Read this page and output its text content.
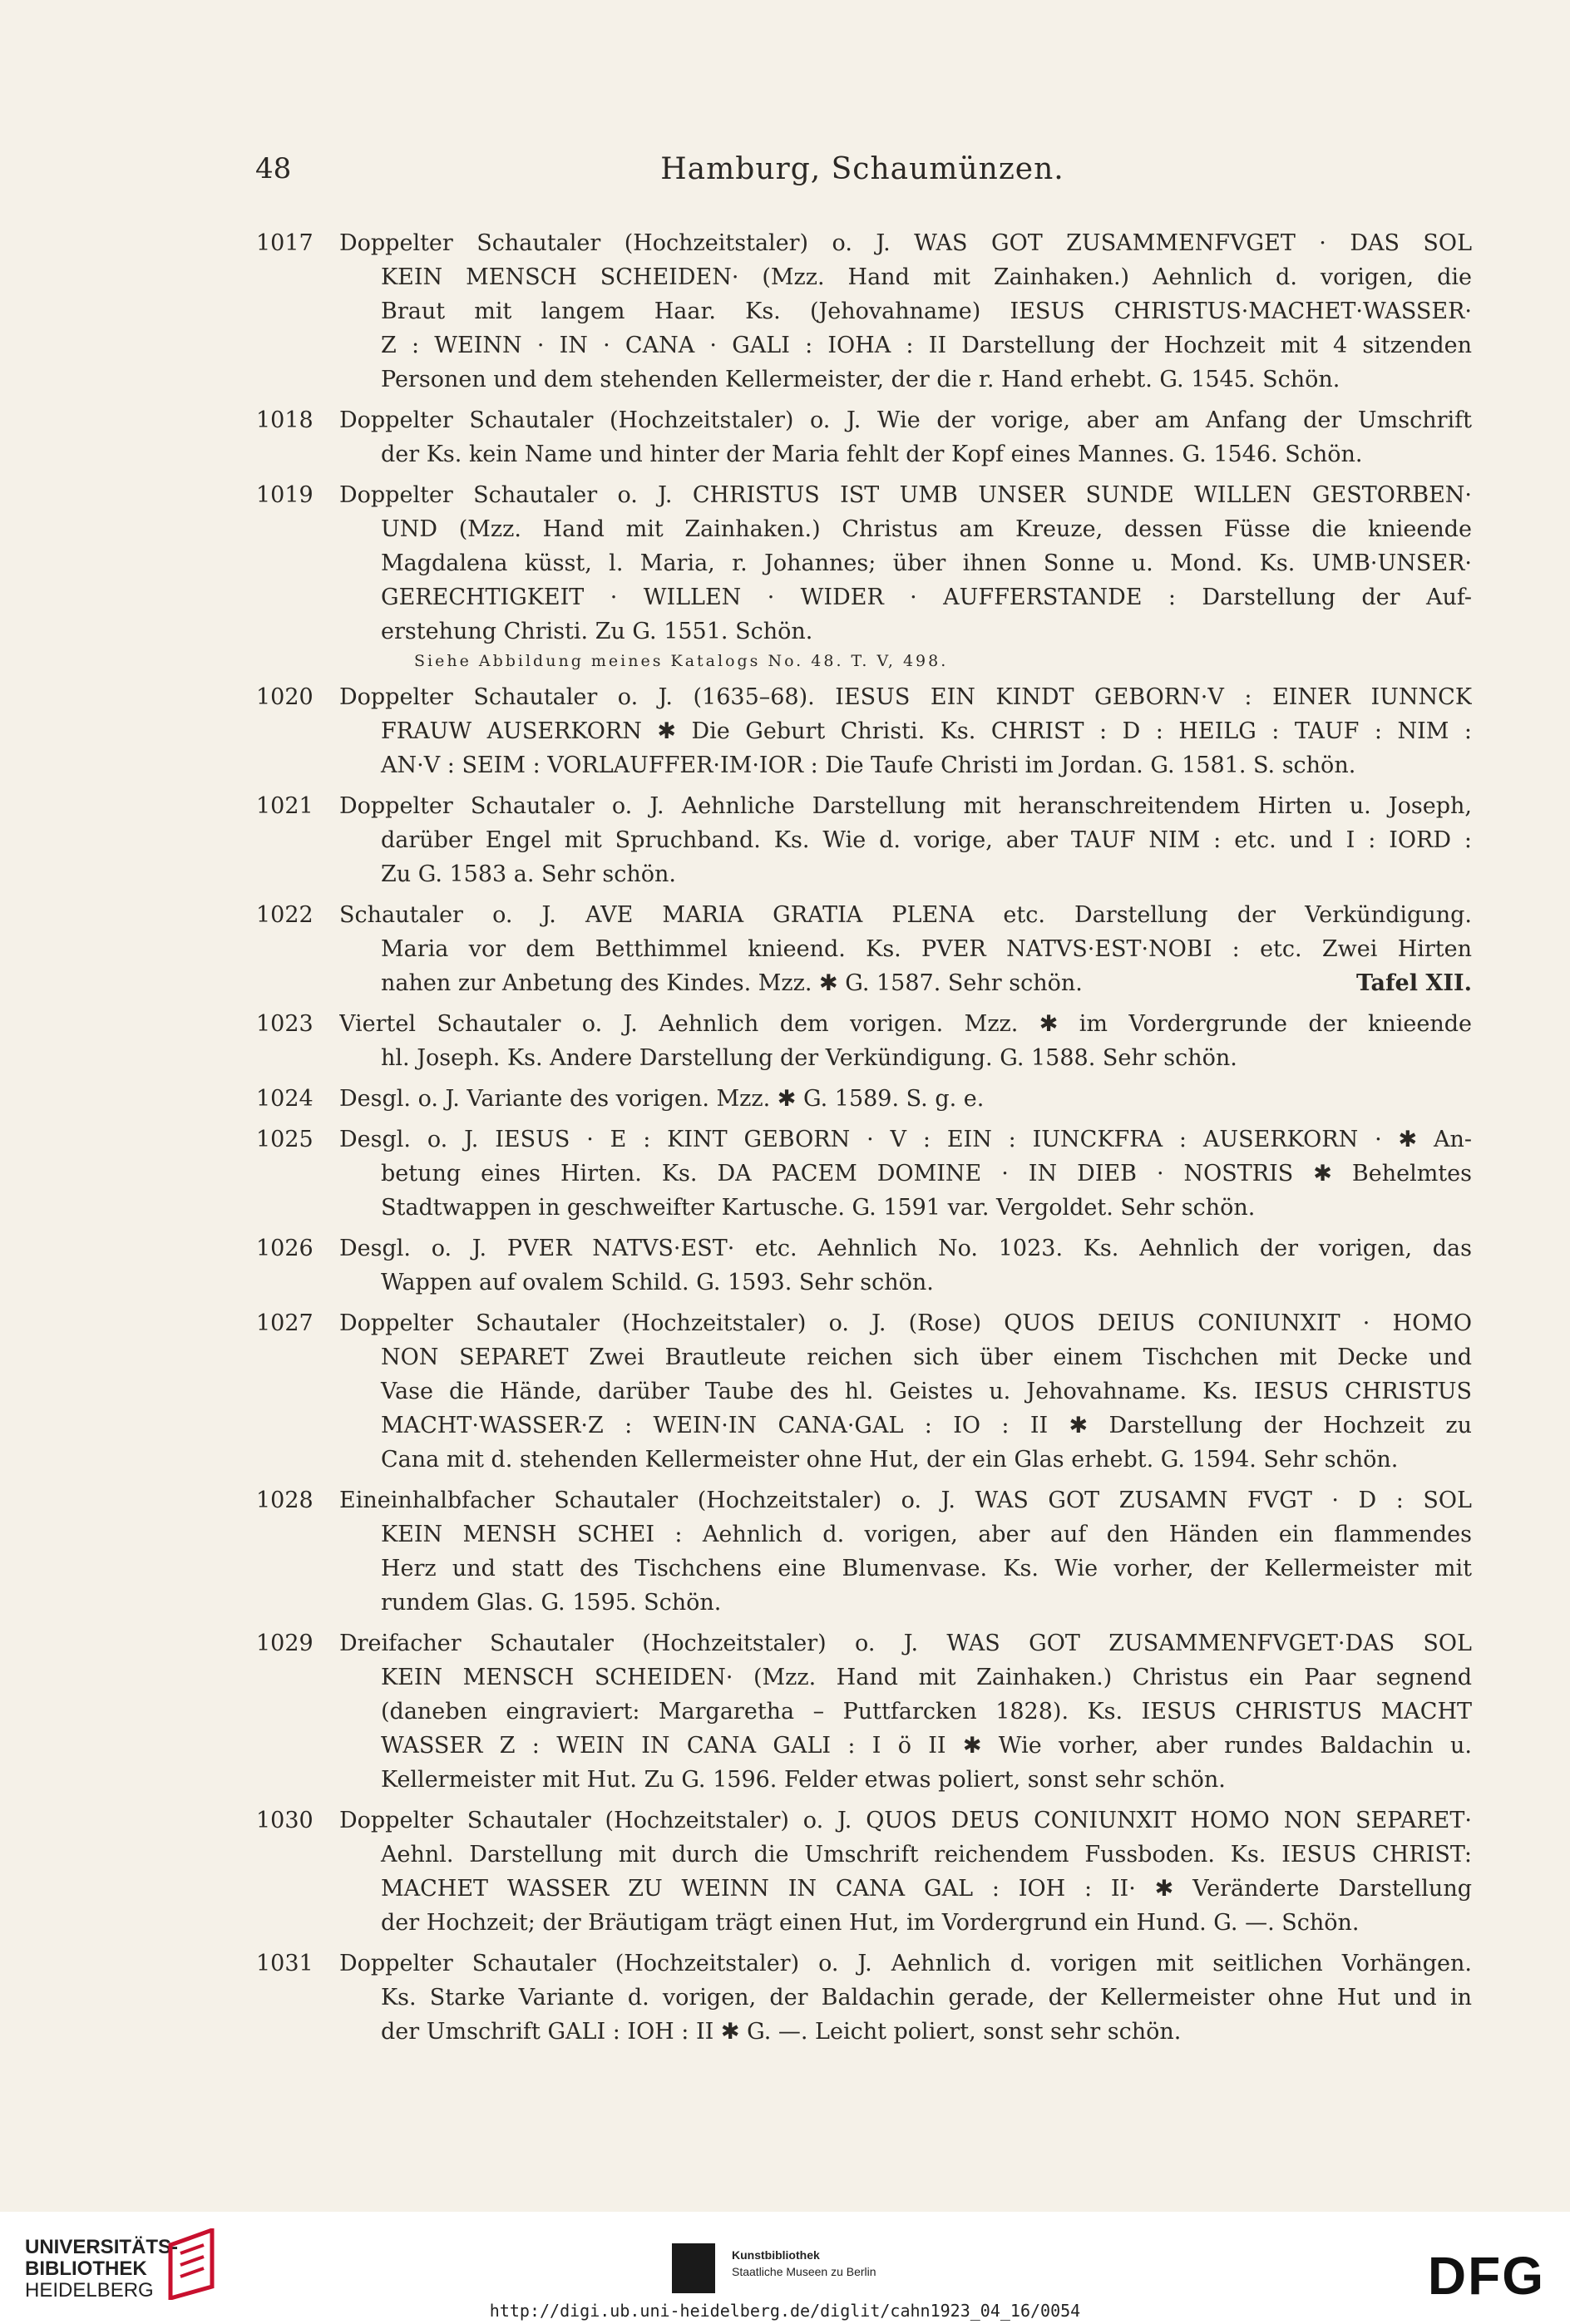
48	Hamburg, Schaumünzen.
1017	Doppelter Schautaler (Hochzeitstaler) o. J. WAS GOT ZUSAMMENFVGET · DAS SOL
KEIN MENSCH SCHEIDEN· (Mzz. Hand mit Zainhaken.) Aehnlich d. vorigen, die
Braut mit langem Haar. Ks. (Jehovahname) IESUS CHRISTUS·MACHET·WASSER·
Z : WEINN · IN · CANA · GALI : IOHA : II Darstellung der Hochzeit mit 4 sitzenden
Personen und dem stehenden Kellermeister, der die r. Hand erhebt. G. 1545. Schön.
1018	Doppelter Schautaler (Hochzeitstaler) o. J. Wie der vorige, aber am Anfang der Umschrift
der Ks. kein Name und hinter der Maria fehlt der Kopf eines Mannes. G. 1546. Schön.
1019	Doppelter Schautaler o. J. CHRISTUS IST UMB UNSER SUNDE WILLEN GESTORBEN·
UND (Mzz. Hand mit Zainhaken.) Christus am Kreuze, dessen Füsse die knieende
Magdalena küsst, l. Maria, r. Johannes; über ihnen Sonne u. Mond. Ks. UMB·UNSER·
GERECHTIGKEIT · WILLEN · WIDER · AUFFERSTANDE : Darstellung der Auf-
erstehung Christi. Zu G. 1551. Schön.
Siehe Abbildung meines Katalogs No. 48. T. V, 498.
1020	Doppelter Schautaler o. J. (1635–68). IESUS EIN KINDT GEBORN·V : EINER IUNNCK
FRAUW AUSERKORN ✱ Die Geburt Christi. Ks. CHRIST : D : HEILG : TAUF : NIM :
AN·V : SEIM : VORLAUFFER·IM·IOR : Die Taufe Christi im Jordan. G. 1581. S. schön.
1021	Doppelter Schautaler o. J. Aehnliche Darstellung mit heranschreitendem Hirten u. Joseph,
darüber Engel mit Spruchband. Ks. Wie d. vorige, aber TAUF NIM : etc. und I : IORD :
Zu G. 1583 a. Sehr schön.
1022	Schautaler o. J. AVE MARIA GRATIA PLENA etc. Darstellung der Verkündigung.
Maria vor dem Betthimmel knieend. Ks. PVER NATVS·EST·NOBI : etc. Zwei Hirten
nahen zur Anbetung des Kindes. Mzz. ✱ G. 1587. Sehr schön.	Tafel XII.
1023	Viertel Schautaler o. J. Aehnlich dem vorigen. Mzz. ✱ im Vordergrunde der knieende
hl. Joseph. Ks. Andere Darstellung der Verkündigung. G. 1588. Sehr schön.
1024	Desgl. o. J. Variante des vorigen. Mzz. ✱ G. 1589. S. g. e.
1025	Desgl. o. J. IESUS · E : KINT GEBORN · V : EIN : IUNCKFRA : AUSERKORN · ✱ An-
betung eines Hirten. Ks. DA PACEM DOMINE · IN DIEB · NOSTRIS ✱ Behelmtes
Stadtwappen in geschweifter Kartusche. G. 1591 var. Vergoldet. Sehr schön.
1026	Desgl. o. J. PVER NATVS·EST· etc. Aehnlich No. 1023. Ks. Aehnlich der vorigen, das
Wappen auf ovalem Schild. G. 1593. Sehr schön.
1027	Doppelter Schautaler (Hochzeitstaler) o. J. (Rose) QUOS DEIUS CONIUNXIT · HOMO
NON SEPARET Zwei Brautleute reichen sich über einem Tischchen mit Decke und
Vase die Hände, darüber Taube des hl. Geistes u. Jehovahname. Ks. IESUS CHRISTUS
MACHT·WASSER·Z : WEIN·IN CANA·GAL : IO : II ✱ Darstellung der Hochzeit zu
Cana mit d. stehenden Kellermeister ohne Hut, der ein Glas erhebt. G. 1594. Sehr schön.
1028	Eineinhalbfacher Schautaler (Hochzeitstaler) o. J. WAS GOT ZUSAMN FVGT · D : SOL
KEIN MENSH SCHEI : Aehnlich d. vorigen, aber auf den Händen ein flammendes
Herz und statt des Tischchens eine Blumenvase. Ks. Wie vorher, der Kellermeister mit
rundem Glas. G. 1595. Schön.
1029	Dreifacher Schautaler (Hochzeitstaler) o. J. WAS GOT ZUSAMMENFVGET·DAS SOL
KEIN MENSCH SCHEIDEN· (Mzz. Hand mit Zainhaken.) Christus ein Paar segnend
(daneben eingraviert: Margaretha – Puttfarcken 1828). Ks. IESUS CHRISTUS MACHT
WASSER Z : WEIN IN CANA GALI : I ö II ✱ Wie vorher, aber rundes Baldachin u.
Kellermeister mit Hut. Zu G. 1596. Felder etwas poliert, sonst sehr schön.
1030	Doppelter Schautaler (Hochzeitstaler) o. J. QUOS DEUS CONIUNXIT HOMO NON SEPARET·
Aehnl. Darstellung mit durch die Umschrift reichendem Fussboden. Ks. IESUS CHRIST:
MACHET WASSER ZU WEINN IN CANA GAL : IOH : II· ✱ Veränderte Darstellung
der Hochzeit; der Bräutigam trägt einen Hut, im Vordergrund ein Hund. G. —. Schön.
1031	Doppelter Schautaler (Hochzeitstaler) o. J. Aehnlich d. vorigen mit seitlichen Vorhängen.
Ks. Starke Variante d. vorigen, der Baldachin gerade, der Kellermeister ohne Hut und in
der Umschrift GALI : IOH : II ✱ G. —. Leicht poliert, sonst sehr schön.
UNIVERSITÄTS-
BIBLIOTHEK
HEIDELBERG
Kunstbibliothek
Staatliche Museen zu Berlin	DFG
http://digi.ub.uni-heidelberg.de/diglit/cahn1923_04_16/0054
